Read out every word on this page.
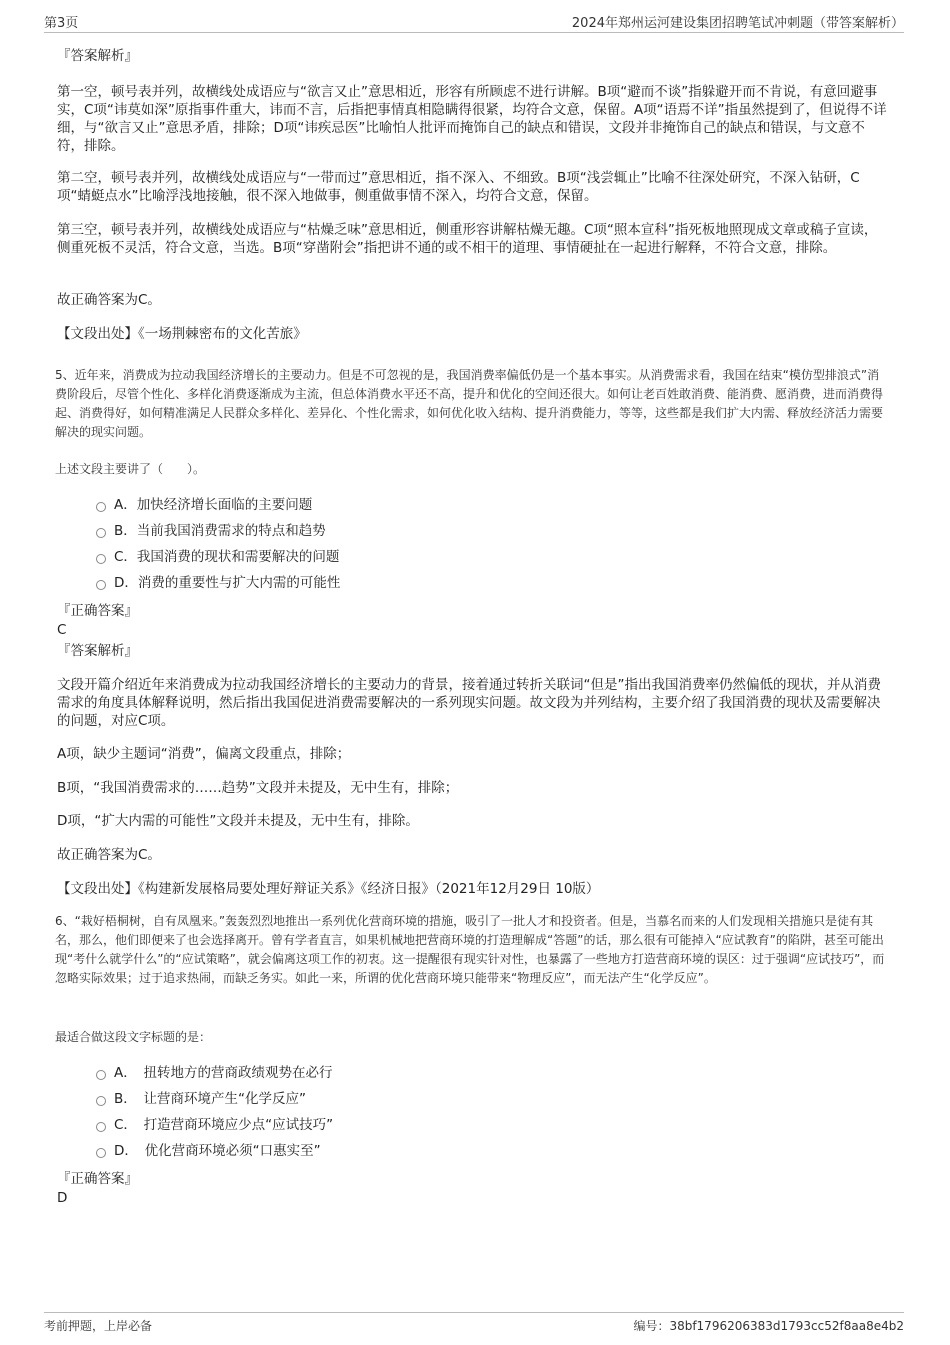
第3页	2024年郑州运河建设集团招聘笔试冲刺题（带答案解析）
『答案解析』

第一空，顿号表并列，故横线处成语应与“欲言又止”意思相近，形容有所顾虑不进行讲解。B项“避而不谈”指躲避开而不肯说，有意回避事实，C项“讳莫如深”原指事件重大，讳而不言，后指把事情真相隐瞒得很紧，均符合文意，保留。A项“语焉不详”指虽然提到了，但说得不详细，与“欲言又止”意思矛盾，排除；D项“讳疾忌医”比喻怕人批评而掩饰自己的缺点和错误，文段并非掩饰自己的缺点和错误，与文意不符，排除。

第二空，顿号表并列，故横线处成语应与“一带而过”意思相近，指不深入、不细致。B项“浅尝辄止”比喻不往深处研究，不深入钻研，C项“蜻蜓点水”比喻浮浅地接触，很不深入地做事，侧重做事情不深入，均符合文意，保留。

第三空，顿号表并列，故横线处成语应与“枯燥乏味”意思相近，侧重形容讲解枯燥无趣。C项“照本宣科”指死板地照现成文章或稿子宣读，侧重死板不灵活，符合文意，当选。B项“穿凿附会”指把讲不通的或不相干的道理、事情硬扯在一起进行解释，不符合文意，排除。

故正确答案为C。

【文段出处】《一场荆棘密布的文化苦旅》

5、近年来，消费成为拉动我国经济增长的主要动力。但是不可忽视的是，我国消费率偏低仍是一个基本事实。从消费需求看，我国在结束“模仿型排浪式”消费阶段后，尽管个性化、多样化消费逐渐成为主流，但总体消费水平还不高，提升和优化的空间还很大。如何让老百姓敢消费、能消费、愿消费，进而消费得起、消费得好，如何精准满足人民群众多样化、差异化、个性化需求，如何优化收入结构、提升消费能力，等等，这些都是我们扩大内需、释放经济活力需要解决的现实问题。

上述文段主要讲了（　　）。

A．加快经济增长面临的主要问题
B．当前我国消费需求的特点和趋势
C．我国消费的现状和需要解决的问题
D．消费的重要性与扩大内需的可能性
『正确答案』
C
『答案解析』

文段开篇介绍近年来消费成为拉动我国经济增长的主要动力的背景，接着通过转折关联词“但是”指出我国消费率仍然偏低的现状，并从消费需求的角度具体解释说明，然后指出我国促进消费需要解决的一系列现实问题。故文段为并列结构，主要介绍了我国消费的现状及需要解决的问题，对应C项。

A项，缺少主题词“消费”，偏离文段重点，排除；

B项，“我国消费需求的……趋势”文段并未提及，无中生有，排除；

D项，“扩大内需的可能性”文段并未提及，无中生有，排除。

故正确答案为C。

【文段出处】《构建新发展格局要处理好辩证关系》《经济日报》（2021年12月29日 10版）

6、“栽好梧桐树，自有凤凰来。”轰轰烈烈地推出一系列优化营商环境的措施，吸引了一批人才和投资者。但是，当慕名而来的人们发现相关措施只是徒有其名，那么，他们即便来了也会选择离开。曾有学者直言，如果机械地把营商环境的打造理解成“答题”的话，那么很有可能掉入“应试教育”的陷阱，甚至可能出现“考什么就学什么”的“应试策略”，就会偏离这项工作的初衷。这一提醒很有现实针对性，也暴露了一些地方打造营商环境的误区：过于强调“应试技巧”，而忽略实际效果；过于追求热闹，而缺乏务实。如此一来，所谓的优化营商环境只能带来“物理反应”，而无法产生“化学反应”。

最适合做这段文字标题的是：

A．　扭转地方的营商政绩观势在必行
B．　让营商环境产生“化学反应”
C．　打造营商环境应少点“应试技巧”
D．　优化营商环境必须“口惠实至”
『正确答案』
D
考前押题，上岸必备	编号：38bf1796206383d1793cc52f8aa8e4b2
